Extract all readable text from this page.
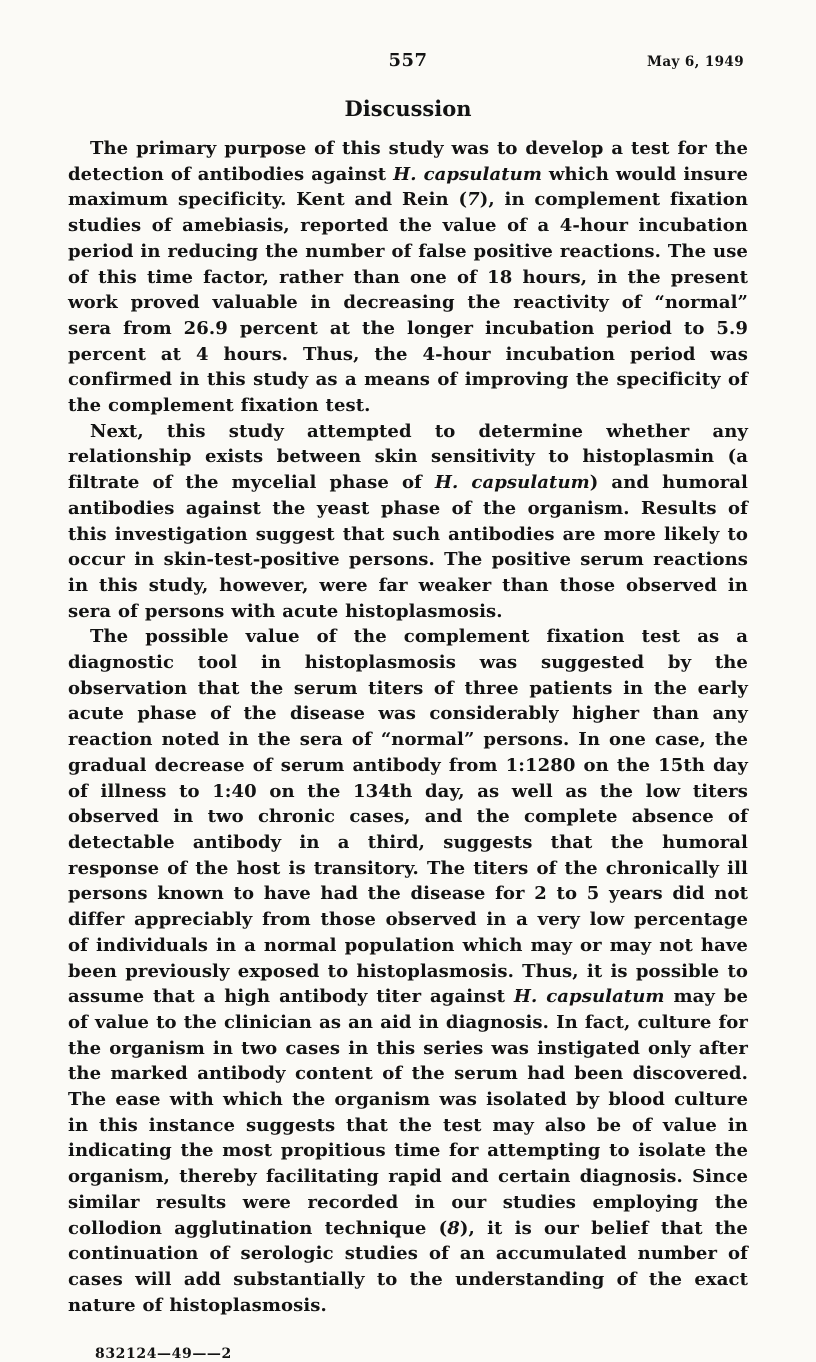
557	May 6, 1949
Discussion

The primary purpose of this study was to develop a test for the detection of antibodies against H. capsulatum which would insure maximum specificity. Kent and Rein (7), in complement fixation studies of amebiasis, reported the value of a 4-hour incubation period in reducing the number of false positive reactions. The use of this time factor, rather than one of 18 hours, in the present work proved valuable in decreasing the reactivity of “normal” sera from 26.9 percent at the longer incubation period to 5.9 percent at 4 hours. Thus, the 4-hour incubation period was confirmed in this study as a means of improving the specificity of the complement fixation test.

Next, this study attempted to determine whether any relationship exists between skin sensitivity to histoplasmin (a filtrate of the mycelial phase of H. capsulatum) and humoral antibodies against the yeast phase of the organism. Results of this investigation suggest that such antibodies are more likely to occur in skin-test-positive persons. The positive serum reactions in this study, however, were far weaker than those observed in sera of persons with acute histoplasmosis.

The possible value of the complement fixation test as a diagnostic tool in histoplasmosis was suggested by the observation that the serum titers of three patients in the early acute phase of the disease was considerably higher than any reaction noted in the sera of “normal” persons. In one case, the gradual decrease of serum antibody from 1:1280 on the 15th day of illness to 1:40 on the 134th day, as well as the low titers observed in two chronic cases, and the complete absence of detectable antibody in a third, suggests that the humoral response of the host is transitory. The titers of the chronically ill persons known to have had the disease for 2 to 5 years did not differ appreciably from those observed in a very low percentage of individuals in a normal population which may or may not have been previously exposed to histoplasmosis. Thus, it is possible to assume that a high antibody titer against H. capsulatum may be of value to the clinician as an aid in diagnosis. In fact, culture for the organism in two cases in this series was instigated only after the marked antibody content of the serum had been discovered. The ease with which the organism was isolated by blood culture in this instance suggests that the test may also be of value in indicating the most propitious time for attempting to isolate the organism, thereby facilitating rapid and certain diagnosis. Since similar results were recorded in our studies employing the collodion agglutination technique (8), it is our belief that the continuation of serologic studies of an accumulated number of cases will add substantially to the understanding of the exact nature of histoplasmosis.

832124—49——2
